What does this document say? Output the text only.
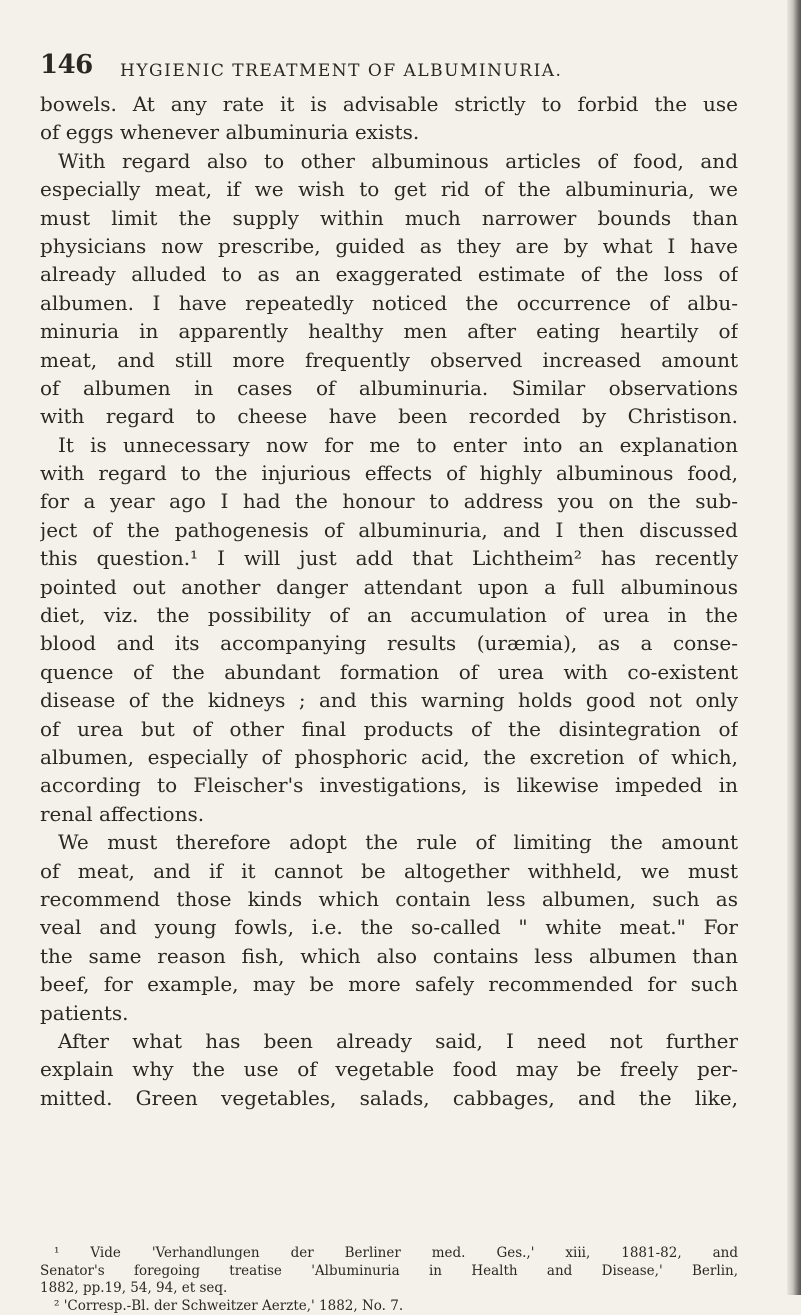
146 HYGIENIC TREATMENT OF ALBUMINURIA.
bowels. At any rate it is advisable strictly to forbid the use
of eggs whenever albuminuria exists.
With regard also to other albuminous articles of food, and
especially meat, if we wish to get rid of the albuminuria, we
must limit the supply within much narrower bounds than
physicians now prescribe, guided as they are by what I have
already alluded to as an exaggerated estimate of the loss of
albumen. I have repeatedly noticed the occurrence of albu-
minuria in apparently healthy men after eating heartily of
meat, and still more frequently observed increased amount
of albumen in cases of albuminuria. Similar observations
with regard to cheese have been recorded by Christison.
It is unnecessary now for me to enter into an explanation
with regard to the injurious effects of highly albuminous food,
for a year ago I had the honour to address you on the sub-
ject of the pathogenesis of albuminuria, and I then discussed
this question.¹ I will just add that Lichtheim² has recently
pointed out another danger attendant upon a full albuminous
diet, viz. the possibility of an accumulation of urea in the
blood and its accompanying results (uræmia), as a conse-
quence of the abundant formation of urea with co-existent
disease of the kidneys ; and this warning holds good not only
of urea but of other final products of the disintegration of
albumen, especially of phosphoric acid, the excretion of which,
according to Fleischer's investigations, is likewise impeded in
renal affections.
We must therefore adopt the rule of limiting the amount
of meat, and if it cannot be altogether withheld, we must
recommend those kinds which contain less albumen, such as
veal and young fowls, i.e. the so-called " white meat." For
the same reason fish, which also contains less albumen than
beef, for example, may be more safely recommended for such
patients.
After what has been already said, I need not further
explain why the use of vegetable food may be freely per-
mitted. Green vegetables, salads, cabbages, and the like,
¹ Vide 'Verhandlungen der Berliner med. Ges.,' xiii, 1881-82, and
Senator's foregoing treatise 'Albuminuria in Health and Disease,' Berlin,
1882, pp.19, 54, 94, et seq.
² 'Corresp.-Bl. der Schweitzer Aerzte,' 1882, No. 7.
